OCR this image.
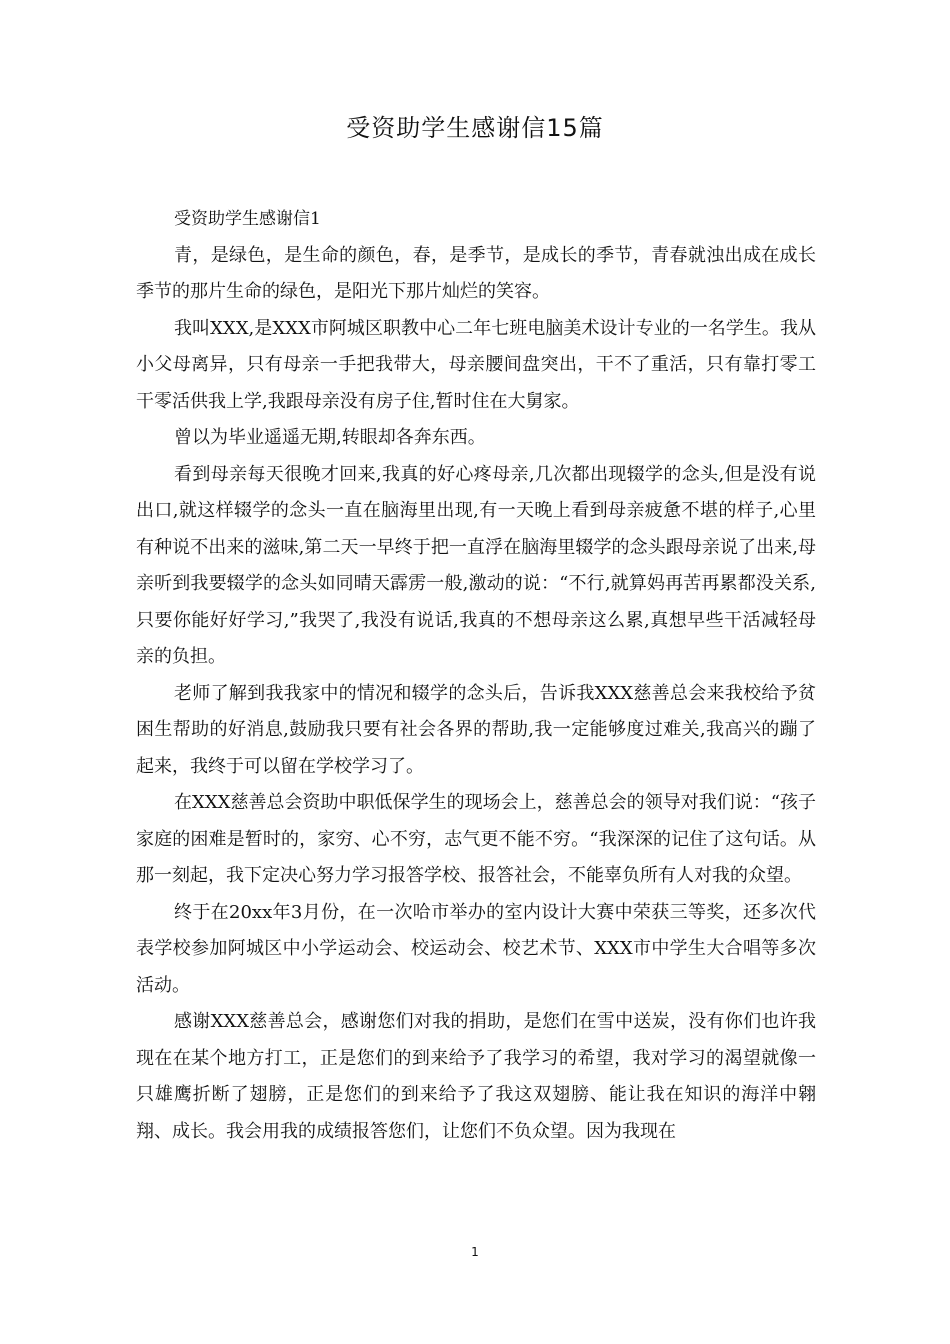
受资助学生感谢信15篇

受资助学生感谢信1

青，是绿色，是生命的颜色，春，是季节，是成长的季节，青春就浊出成在成长季节的那片生命的绿色，是阳光下那片灿烂的笑容。

我叫XXX,是XXX市阿城区职教中心二年七班电脑美术设计专业的一名学生。我从小父母离异，只有母亲一手把我带大，母亲腰间盘突出，干不了重活，只有靠打零工干零活供我上学,我跟母亲没有房子住,暂时住在大舅家。

曾以为毕业遥遥无期,转眼却各奔东西。

看到母亲每天很晚才回来,我真的好心疼母亲,几次都出现辍学的念头,但是没有说出口,就这样辍学的念头一直在脑海里出现,有一天晚上看到母亲疲惫不堪的样子,心里有种说不出来的滋味,第二天一早终于把一直浮在脑海里辍学的念头跟母亲说了出来,母亲听到我要辍学的念头如同晴天霹雳一般,激动的说：“不行,就算妈再苦再累都没关系,只要你能好好学习,”我哭了,我没有说话,我真的不想母亲这么累,真想早些干活减轻母亲的负担。

老师了解到我我家中的情况和辍学的念头后，告诉我XXX慈善总会来我校给予贫困生帮助的好消息,鼓励我只要有社会各界的帮助,我一定能够度过难关,我高兴的蹦了起来，我终于可以留在学校学习了。

在XXX慈善总会资助中职低保学生的现场会上，慈善总会的领导对我们说：“孩子家庭的困难是暂时的，家穷、心不穷，志气更不能不穷。“我深深的记住了这句话。从那一刻起，我下定决心努力学习报答学校、报答社会，不能辜负所有人对我的众望。

终于在20xx年3月份，在一次哈市举办的室内设计大赛中荣获三等奖，还多次代表学校参加阿城区中小学运动会、校运动会、校艺术节、XXX市中学生大合唱等多次活动。

感谢XXX慈善总会，感谢您们对我的捐助，是您们在雪中送炭，没有你们也许我现在在某个地方打工，正是您们的到来给予了我学习的希望，我对学习的渴望就像一只雄鹰折断了翅膀，正是您们的到来给予了我这双翅膀、能让我在知识的海洋中翱翔、成长。我会用我的成绩报答您们，让您们不负众望。因为我现在

1
